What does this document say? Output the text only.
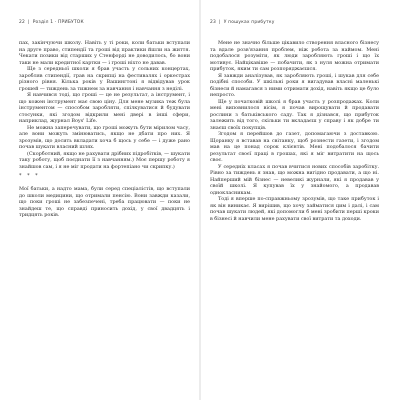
22 | Розділ 1 · ПРИБУТОК

пах, закінчуючи школу. Навіть у ті роки, коли батьки вступали на друге право, стипендії та гроші від практики йшли на життя. Чекати позики від старших у Стенфорді не доводилось, бо вони таки не мали кредитної картки — і гроші ніхто не давав.

Ще з середньої школи я брав участь у сольних концертах, заробляв стипендії, грав на скрипці на фестивалях і оркестрах різного рівня. Кілька років у Вашингтоні я відвідував урок грошей — тиждень за тижнем за навчання і навчання з неділі.

Я навчився тоді, що гроші — це не результат, а інструмент, і що кожен інструмент має свою ціну. Для мене музика теж була інструментом — способом заробляти, спілкуватися й будувати стосунки, які згодом відкрили мені двері в інші сфери, наприклад, журнал Boys' Life.

Не можна заперечувати, що гроші можуть бути мірилом часу, але вони можуть змінюватись, якщо не дбати про них. Я зрозумів, що досить вкладати хоча б щось у себе — і дуже рано почав шукати власний шлях.

(Скорботний, якщо не рахувати дрібних підробітків, — шукати таку роботу, щоб поєднати її з навчанням.) Моє першу роботу я знайшов сам, і я не міг продати на фортепіано чи скрипку.)

* * *

Мої батьки, а надто мама, були серед спеціалістів, що вступали до школи медицини, що отримали пенсію. Вони завжди казали, що поки гроші не забезпечені, треба працювати — поки не знайдеш те, що справді приносить дохід, у свої двадцять і тридцять років.

23 | У пошуках прибутку

Мене не значно більше цікавило створення власного бізнесу та вдале розв'язання проблем, ніж робота за наймом. Мені подобалося розуміти, як люди заробляють гроші і що їх мотивує. Найцікавіше — побачити, як з нуля можна отримати прибуток, яким ти сам розпоряджаєшся.

Я завжди аналізував, як заробляють гроші, і шукав для себе подібні способи. У шкільні роки я вигадував власні маленькі бізнеси й намагався з ними отримати дохід, навіть якщо це було непросто.

Ще у початковій школі я брав участь у розпродажах. Коли мені виповнилося вісім, я почав вирощувати й продавати рослини з батьківського саду. Так я дізнався, що прибуток залежить від того, скільки ти вкладаєш у справу і як добре ти знаєш своїх покупців.

Згодом я перейшов до газет, допомагаючи з доставкою. Щоранку я вставав на світанку, щоб рознести газети, і згодом мав на це понад сорок клієнтів. Мені подобалося бачити результат своєї праці в грошах, які я міг витратити на щось своє.

У середніх класах я почав вчитися нових способів заробітку. Рівно за тиждень я знав, що можна вигідно продавати, а що ні. Найперший мій бізнес — невеликі журнали, які я продавав у своїй школі. Я купував їх у знайомого, а продавав однокласникам.

Тоді я вперше по-справжньому зрозумів, що таке прибуток і як він виникає. Я вирішив, що хочу займатися цим і далі, і сам почав шукати людей, які допомогли б мені зробити перші кроки в бізнесі й навчили мене рахувати свої витрати та доходи.
